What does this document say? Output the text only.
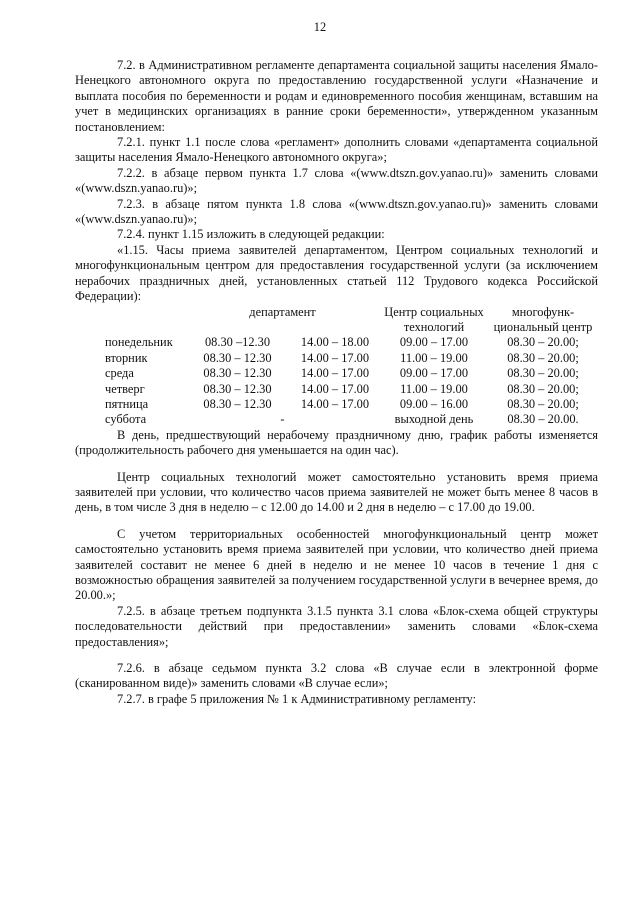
12

7.2. в Административном регламенте департамента социальной защиты населения Ямало-Ненецкого автономного округа по предоставлению государственной услуги «Назначение и выплата пособия по беременности и родам и единовременного пособия женщинам, вставшим на учет в медицинских организациях в ранние сроки беременности», утвержденном указанным постановлением:

7.2.1. пункт 1.1 после слова «регламент» дополнить словами «департамента социальной защиты населения Ямало-Ненецкого автономного округа»;

7.2.2. в абзаце первом пункта 1.7 слова «(www.dtszn.gov.yanao.ru)» заменить словами «(www.dszn.yanao.ru)»;

7.2.3. в абзаце пятом пункта 1.8 слова «(www.dtszn.gov.yanao.ru)» заменить словами «(www.dszn.yanao.ru)»;

7.2.4. пункт 1.15 изложить в следующей редакции:

«1.15. Часы приема заявителей департаментом, Центром социальных технологий и многофункциональным центром для предоставления государственной услуги (за исключением нерабочих праздничных дней, установленных статьей 112 Трудового кодекса Российской Федерации):

департамент	Центр социальных технологий
многофунк-циональный центр
понедельник	08.30 –12.30	14.00 – 18.00	09.00 – 17.00	08.30 – 20.00;
вторник	08.30 – 12.30	14.00 – 17.00	11.00 – 19.00	08.30 – 20.00;
среда	08.30 – 12.30	14.00 – 17.00	09.00 – 17.00	08.30 – 20.00;
четверг	08.30 – 12.30	14.00 – 17.00	11.00 – 19.00	08.30 – 20.00;
пятница	08.30 – 12.30	14.00 – 17.00	09.00 – 16.00	08.30 – 20.00;
суббота	-	выходной день	08.30 – 20.00.

В день, предшествующий нерабочему праздничному дню, график работы изменяется (продолжительность рабочего дня уменьшается на один час).

Центр социальных технологий может самостоятельно установить время приема заявителей при условии, что количество часов приема заявителей не может быть менее 8 часов в день, в том числе 3 дня в неделю – с 12.00 до 14.00 и 2 дня в неделю – с 17.00 до 19.00.

С учетом территориальных особенностей многофункциональный центр может самостоятельно установить время приема заявителей при условии, что количество дней приема заявителей составит не менее 6 дней в неделю и не менее 10 часов в течение 1 дня с возможностью обращения заявителей за получением государственной услуги в вечернее время, до 20.00.»;

7.2.5. в абзаце третьем подпункта 3.1.5 пункта 3.1 слова «Блок-схема общей структуры последовательности действий при предоставлении» заменить словами «Блок-схема предоставления»;

7.2.6. в абзаце седьмом пункта 3.2 слова «В случае если в электронной форме (сканированном виде)» заменить словами «В случае если»;

7.2.7. в графе 5 приложения № 1 к Административному регламенту:
